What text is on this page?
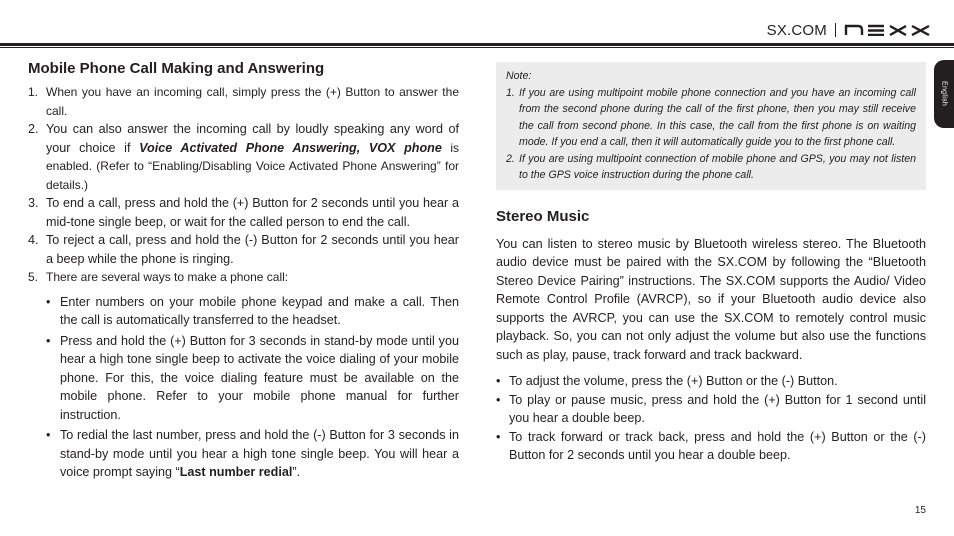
SX.COM
English
Mobile Phone Call Making and Answering
1. When you have an incoming call, simply press the (+) Button to answer the call.
2. You can also answer the incoming call by loudly speaking any word of your choice if Voice Activated Phone Answering, VOX phone is enabled. (Refer to “Enabling/Disabling Voice Activated Phone Answering” for details.)
3. To end a call, press and hold the (+) Button for 2 seconds until you hear a mid-tone single beep, or wait for the called person to end the call.
4. To reject a call, press and hold the (-) Button for 2 seconds until you hear a beep while the phone is ringing.
5. There are several ways to make a phone call:
• Enter numbers on your mobile phone keypad and make a call. Then the call is automatically transferred to the headset.
• Press and hold the (+) Button for 3 seconds in stand-by mode until you hear a high tone single beep to activate the voice dialing of your mobile phone. For this, the voice dialing feature must be available on the mobile phone. Refer to your mobile phone manual for further instruction.
• To redial the last number, press and hold the (-) Button for 3 seconds in stand-by mode until you hear a high tone single beep. You will hear a voice prompt saying “Last number redial”.
Note:
1. If you are using multipoint mobile phone connection and you have an incoming call from the second phone during the call of the first phone, then you may still receive the call from second phone. In this case, the call from the first phone is on waiting mode. If you end a call, then it will automatically guide you to the first phone call.
2. If you are using multipoint connection of mobile phone and GPS, you may not listen to the GPS voice instruction during the phone call.
Stereo Music
You can listen to stereo music by Bluetooth wireless stereo. The Bluetooth audio device must be paired with the SX.COM by following the “Bluetooth Stereo Device Pairing” instructions. The SX.COM supports the Audio/ Video Remote Control Profile (AVRCP), so if your Bluetooth audio device also supports the AVRCP, you can use the SX.COM to remotely control music playback. So, you can not only adjust the volume but also use the functions such as play, pause, track forward and track backward.
• To adjust the volume, press the (+) Button or the (-) Button.
• To play or pause music, press and hold the (+) Button for 1 second until you hear a double beep.
• To track forward or track back, press and hold the (+) Button or the (-) Button for 2 seconds until you hear a double beep.
15
